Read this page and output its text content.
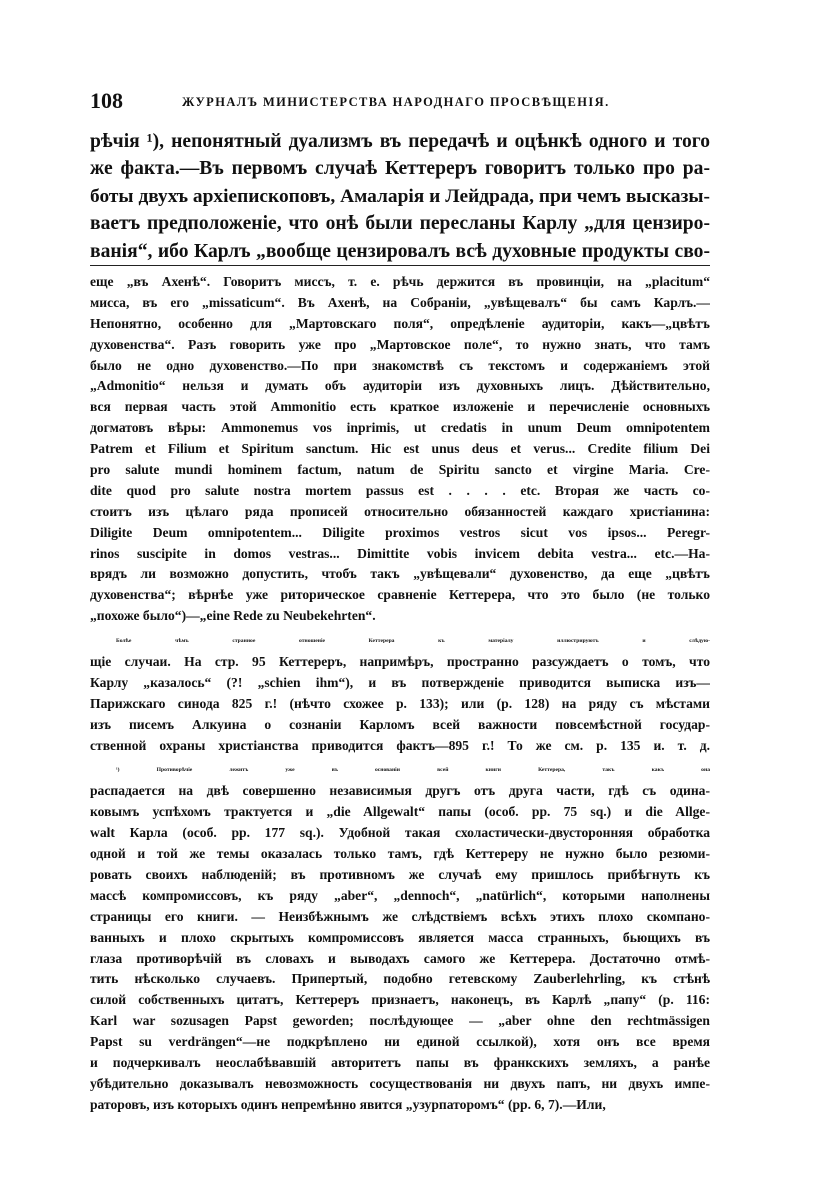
108	ЖУРНАЛЪ МИНИСТЕРСТВА НАРОДНАГО ПРОСВѢЩЕНІЯ.
рѣчія ¹), непонятный дуализмъ въ передачѣ и оцѣнкѣ одного и того
же факта.—Въ первомъ случаѣ Кеттереръ говоритъ только про ра-
боты двухъ архіепископовъ, Амаларія и Лейдрада, при чемъ высказы-
ваетъ предположеніе, что онѣ были пересланы Карлу „для цензиро-
ванія“, ибо Карлъ „вообще цензировалъ всѣ духовные продукты сво-
еще „въ Ахенѣ“. Говоритъ миссъ, т. е. рѣчь держится въ провинціи, на „placitum“
миссa, въ его „missaticum“. Въ Ахенѣ, на Собраніи, „увѣщевалъ“ бы самъ Карлъ.—
Непонятно, особенно для „Мартовскаго поля“, опредѣленіе аудиторіи, какъ—„цвѣтъ
духовенства“. Разъ говорить уже про „Мартовское поле“, то нужно знать, что тамъ
было не одно духовенство.—По при знакомствѣ съ текстомъ и содержаніемъ этой
„Admonitio“ нельзя и думать объ аудиторіи изъ духовныхъ лицъ. Дѣйствительно,
вся первая часть этой Ammonitio есть краткое изложеніе и перечисленіе основныхъ
догматовъ вѣры: Ammonemus vos inprimis, ut credatis in unum Deum omnipotentem
Patrem et Filium et Spiritum sanctum. Hic est unus deus et verus... Credite filium Dei
pro salute mundi hominem factum, natum de Spiritu sancto et virgine Maria. Cre-
dite quod pro salute nostra mortem passus est . . . . etc. Вторая же часть со-
стоитъ изъ цѣлаго ряда прописей относительно обязанностей каждаго христіанина:
Diligite Deum omnipotentem... Diligite proximos vestros sicut vos ipsos... Peregr-
rinos suscipite in domos vestras... Dimittite vobis invicem debita vestra... etc.—На-
врядъ ли возможно допустить, чтобъ такъ „увѣщевали“ духовенство, да еще „цвѣтъ
духовенства“; вѣрнѣе уже риторическое сравненіе Кеттерера, что это было (не только
„похоже было“)—„eine Rede zu Neubekehrten“.
Болѣе чѣмъ странное отношеніе Кеттерера къ матеріалу иллюстрируютъ и слѣдую-
щіе случаи. На стр. 95 Кеттереръ, напримѣръ, пространно разсуждаетъ о томъ, что
Карлу „казалось“ (?! „schien ihm“), и въ потвержденіе приводится выписка изъ—
Парижскаго синода 825 г.! (нѣчто схожее р. 133); или (р. 128) на ряду съ мѣстами
изъ писемъ Алкуина о сознаніи Карломъ всей важности повсемѣстной государ-
ственной охраны христіанства приводится фактъ—895 г.! То же см. р. 135 и. т. д.
¹) Противорѣчіе лежитъ уже въ основаніи всей книги Кеттерера, такъ какъ она
распадается на двѣ совершенно независимыя другъ отъ друга части, гдѣ съ одина-
ковымъ успѣхомъ трактуется и „die Allgewalt“ папы (особ. pp. 75 sq.) и die Allge-
walt Карла (особ. pp. 177 sq.). Удобной такая схоластически-двусторонняя обработка
одной и той же темы оказалась только тамъ, гдѣ Кеттереру не нужно было резюми-
ровать своихъ наблюденій; въ противномъ же случаѣ ему пришлось прибѣгнуть къ
массѣ компромиссовъ, къ ряду „aber“, „dennoch“, „natürlich“, которыми наполнены
страницы его книги. — Неизбѣжнымъ же слѣдствіемъ всѣхъ этихъ плохо скомпано-
ванныхъ и плохо скрытыхъ компромиссовъ является масса странныхъ, бьющихъ въ
глаза противорѣчій въ словахъ и выводахъ самого же Кеттерера. Достаточно отмѣ-
тить нѣсколько случаевъ. Припертый, подобно гетевскому Zauberlehrling, къ стѣнѣ
силой собственныхъ цитатъ, Кеттереръ признаетъ, наконецъ, въ Карлѣ „папу“ (р. 116:
Karl war sozusagen Papst geworden; послѣдующее — „aber ohne den rechtmässigen
Papst su verdrängen“—не подкрѣплено ни единой ссылкой), хотя онъ все время
и подчеркивалъ неослабѣвавшій авторитетъ папы въ франкскихъ земляхъ, а ранѣе
убѣдительно доказывалъ невозможность сосуществованія ни двухъ папъ, ни двухъ импе-
раторовъ, изъ которыхъ одинъ непремѣнно явится „узурпаторомъ“ (рр. 6, 7).—Или,
